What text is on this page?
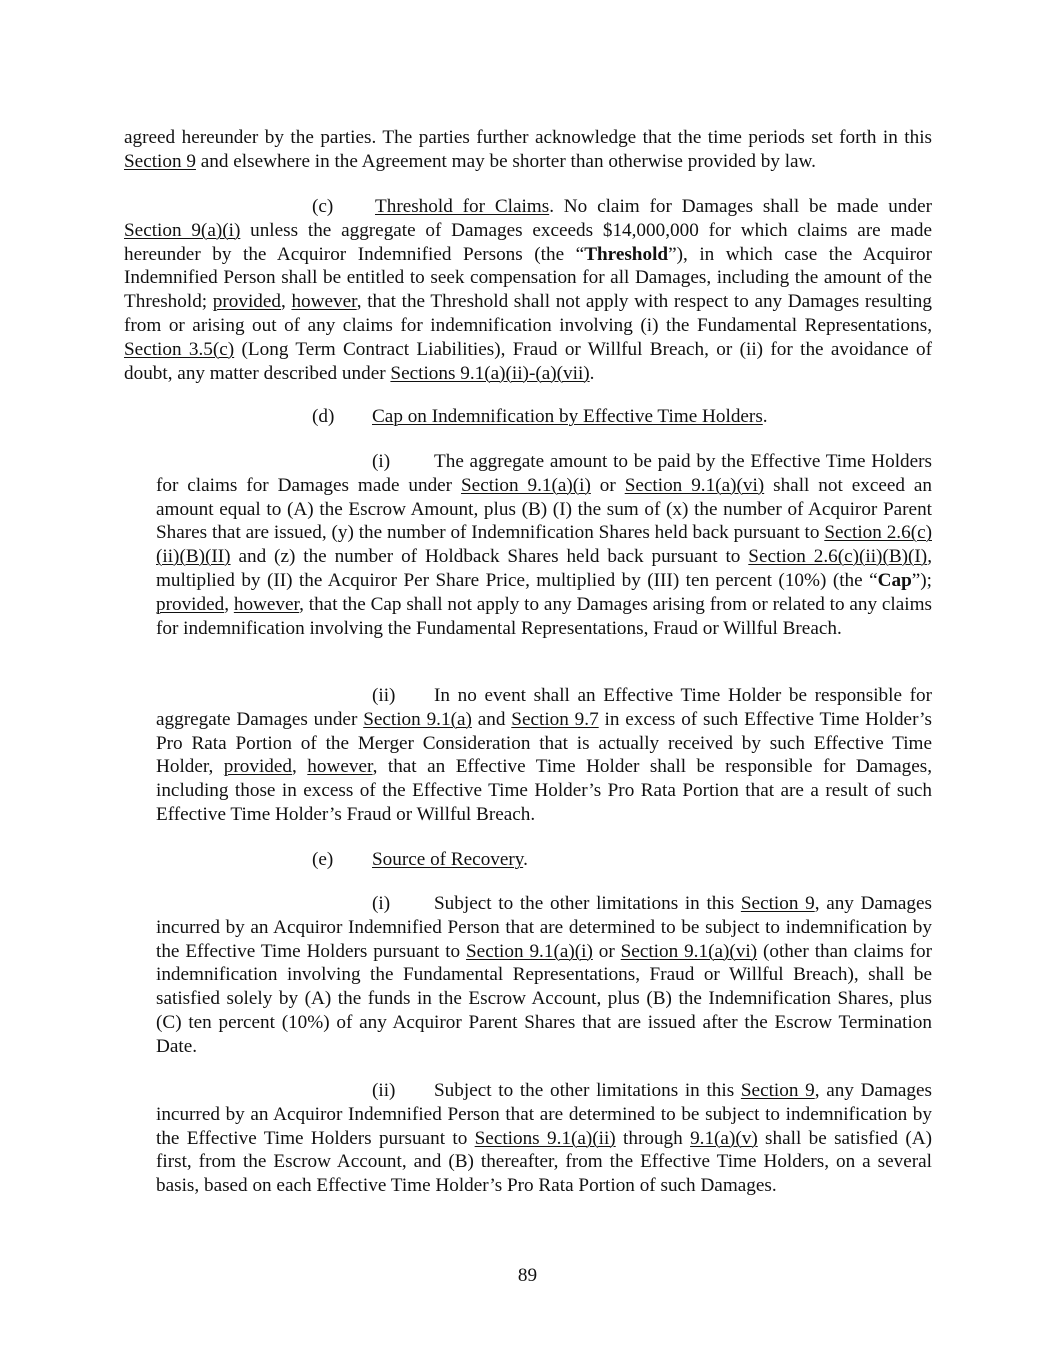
agreed hereunder by the parties. The parties further acknowledge that the time periods set forth in this Section 9 and elsewhere in the Agreement may be shorter than otherwise provided by law.

(c) Threshold for Claims. No claim for Damages shall be made under Section 9(a)(i) unless the aggregate of Damages exceeds $14,000,000 for which claims are made hereunder by the Acquiror Indemnified Persons (the “Threshold”), in which case the Acquiror Indemnified Person shall be entitled to seek compensation for all Damages, including the amount of the Threshold; provided, however, that the Threshold shall not apply with respect to any Damages resulting from or arising out of any claims for indemnification involving (i) the Fundamental Representations, Section 3.5(c) (Long Term Contract Liabilities), Fraud or Willful Breach, or (ii) for the avoidance of doubt, any matter described under Sections 9.1(a)(ii)-(a)(vii).

(d) Cap on Indemnification by Effective Time Holders.

(i) The aggregate amount to be paid by the Effective Time Holders for claims for Damages made under Section 9.1(a)(i) or Section 9.1(a)(vi) shall not exceed an amount equal to (A) the Escrow Amount, plus (B) (I) the sum of (x) the number of Acquiror Parent Shares that are issued, (y) the number of Indemnification Shares held back pursuant to Section 2.6(c)(ii)(B)(II) and (z) the number of Holdback Shares held back pursuant to Section 2.6(c)(ii)(B)(I), multiplied by (II) the Acquiror Per Share Price, multiplied by (III) ten percent (10%) (the “Cap”); provided, however, that the Cap shall not apply to any Damages arising from or related to any claims for indemnification involving the Fundamental Representations, Fraud or Willful Breach.

(ii) In no event shall an Effective Time Holder be responsible for aggregate Damages under Section 9.1(a) and Section 9.7 in excess of such Effective Time Holder’s Pro Rata Portion of the Merger Consideration that is actually received by such Effective Time Holder, provided, however, that an Effective Time Holder shall be responsible for Damages, including those in excess of the Effective Time Holder’s Pro Rata Portion that are a result of such Effective Time Holder’s Fraud or Willful Breach.

(e) Source of Recovery.

(i) Subject to the other limitations in this Section 9, any Damages incurred by an Acquiror Indemnified Person that are determined to be subject to indemnification by the Effective Time Holders pursuant to Section 9.1(a)(i) or Section 9.1(a)(vi) (other than claims for indemnification involving the Fundamental Representations, Fraud or Willful Breach), shall be satisfied solely by (A) the funds in the Escrow Account, plus (B) the Indemnification Shares, plus (C) ten percent (10%) of any Acquiror Parent Shares that are issued after the Escrow Termination Date.

(ii) Subject to the other limitations in this Section 9, any Damages incurred by an Acquiror Indemnified Person that are determined to be subject to indemnification by the Effective Time Holders pursuant to Sections 9.1(a)(ii) through 9.1(a)(v) shall be satisfied (A) first, from the Escrow Account, and (B) thereafter, from the Effective Time Holders, on a several basis, based on each Effective Time Holder’s Pro Rata Portion of such Damages.

89
